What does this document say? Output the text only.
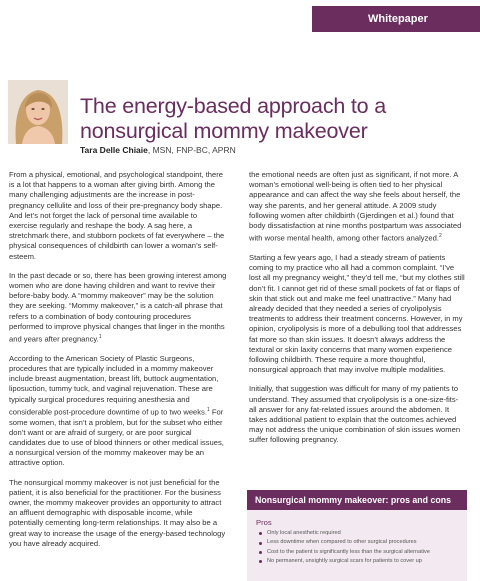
Whitepaper
The energy-based approach to a nonsurgical mommy makeover
Tara Delle Chiaie, MSN, FNP-BC, APRN

From a physical, emotional, and psychological standpoint, there is a lot that happens to a woman after giving birth. Among the many challenging adjustments are the increase in post-pregnancy cellulite and loss of their pre-pregnancy body shape. And let’s not forget the lack of personal time available to exercise regularly and reshape the body. A sag here, a stretchmark there, and stubborn pockets of fat everywhere – the physical consequences of childbirth can lower a woman’s self-esteem.

In the past decade or so, there has been growing interest among women who are done having children and want to revive their before-baby body. A “mommy makeover” may be the solution they are seeking. “Mommy makeover,” is a catch-all phrase that refers to a combination of body contouring procedures performed to improve physical changes that linger in the months and years after pregnancy.$^1$

According to the American Society of Plastic Surgeons, procedures that are typically included in a mommy makeover include breast augmentation, breast lift, buttock augmentation, liposuction, tummy tuck, and vaginal rejuvenation. These are typically surgical procedures requiring anesthesia and considerable post-procedure downtime of up to two weeks.$^1$ For some women, that isn’t a problem, but for the subset who either don’t want or are afraid of surgery, or are poor surgical candidates due to use of blood thinners or other medical issues, a nonsurgical version of the mommy makeover may be an attractive option.

The nonsurgical mommy makeover is not just beneficial for the patient, it is also beneficial for the practitioner. For the business owner, the mommy makeover provides an opportunity to attract an affluent demographic with disposable income, while potentially cementing long-term relationships. It may also be a great way to increase the usage of the energy-based technology you have already acquired.

the emotional needs are often just as significant, if not more. A woman’s emotional well-being is often tied to her physical appearance and can affect the way she feels about herself, the way she parents, and her general attitude. A 2009 study following women after childbirth (Gjerdingen et al.) found that body dissatisfaction at nine months postpartum was associated with worse mental health, among other factors analyzed.$^2$

Starting a few years ago, I had a steady stream of patients coming to my practice who all had a common complaint. “I’ve lost all my pregnancy weight,” they’d tell me, “but my clothes still don’t fit. I cannot get rid of these small pockets of fat or flaps of skin that stick out and make me feel unattractive.” Many had already decided that they needed a series of cryolipolysis treatments to address their treatment concerns. However, in my opinion, cryolipolysis is more of a debulking tool that addresses fat more so than skin issues. It doesn’t always address the textural or skin laxity concerns that many women experience following childbirth. These require a more thoughtful, nonsurgical approach that may involve multiple modalities.

Initially, that suggestion was difficult for many of my patients to understand. They assumed that cryolipolysis is a one-size-fits-all answer for any fat-related issues around the abdomen. It takes additional patient to explain that the outcomes achieved may not address the unique combination of skin issues women suffer following pregnancy.

Nonsurgical mommy makeover: pros and cons
Pros
Only local anesthetic required
Less downtime when compared to other surgical procedures
Cost to the patient is significantly less than the surgical alternative
No permanent, unsightly surgical scars for patients to cover up
